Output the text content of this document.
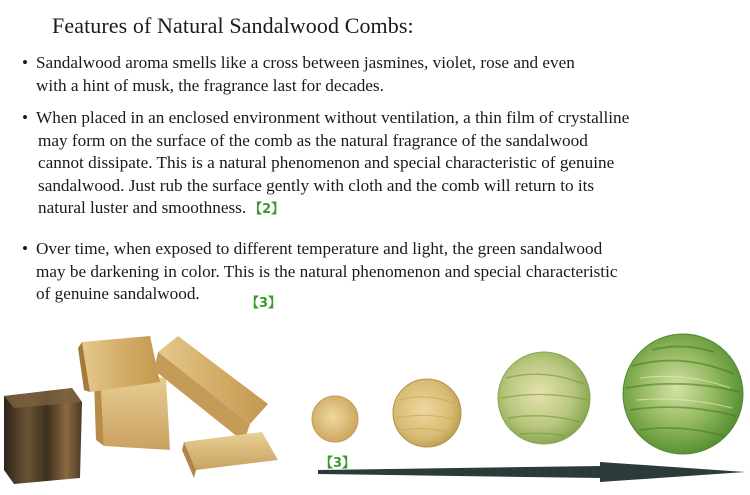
Features of Natural Sandalwood Combs:
• Sandalwood aroma smells like a cross between jasmines, violet, rose and even
with a hint of musk, the fragrance last for decades.
• When placed in an enclosed environment without ventilation, a thin film of crystalline
may form on the surface of the comb as the natural fragrance of the sandalwood
cannot dissipate. This is a natural phenomenon and special characteristic of genuine
sandalwood. Just rub the surface gently with cloth and the comb will return to its
natural luster and smoothness. 【2】
• Over time, when exposed to different temperature and light, the green sandalwood
may be darkening in color. This is the natural phenomenon and special characteristic
of genuine sandalwood.
【3】
【3】
